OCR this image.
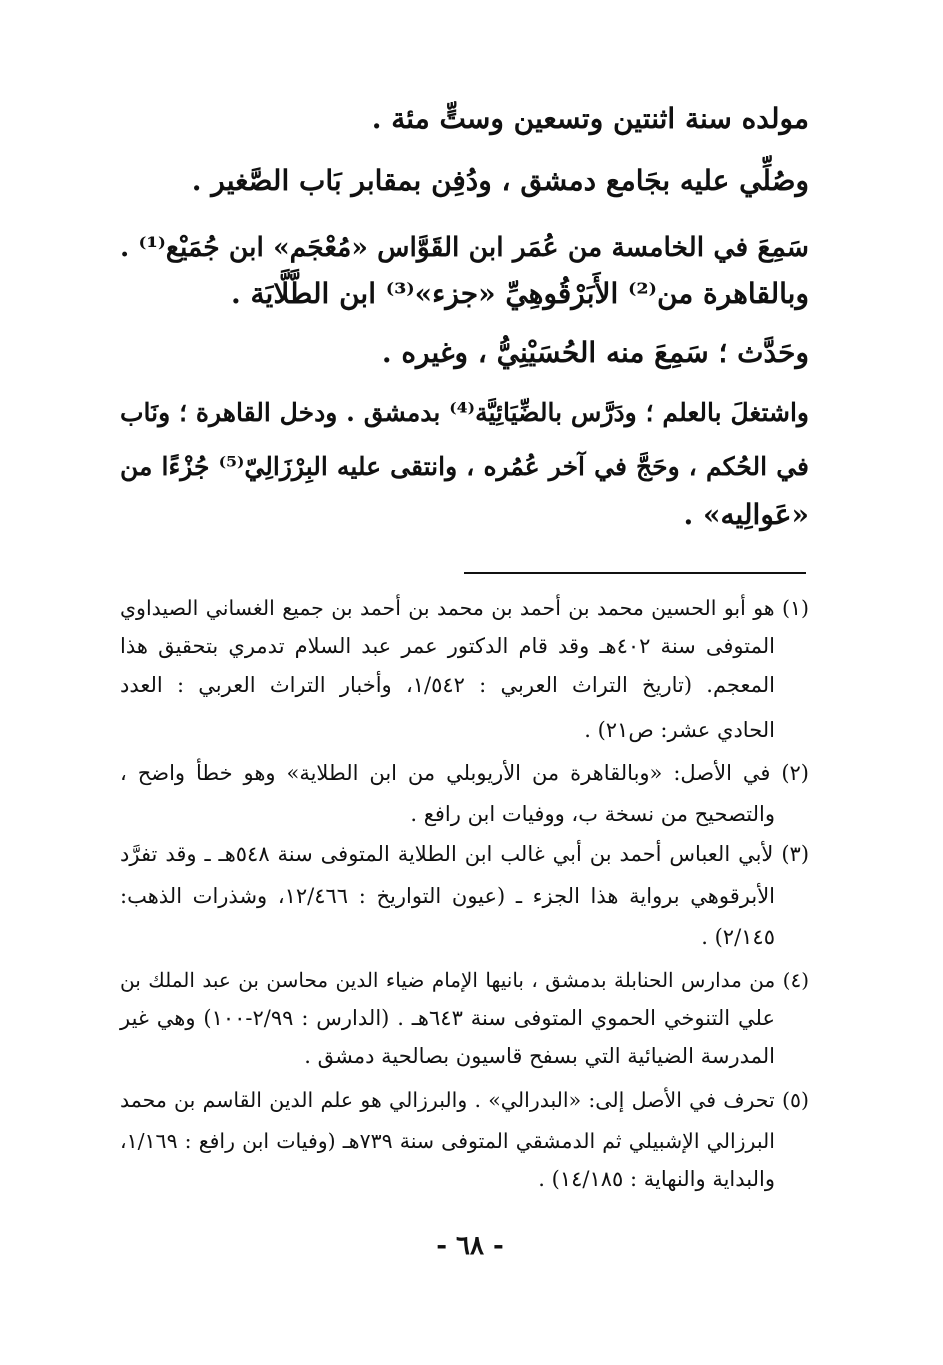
مولده سنة اثنتين وتسعين وستٍّ مئة .
وصُلِّي عليه بجَامع دمشق ، ودُفِن بمقابر بَاب الصَّغير .
سَمِعَ في الخامسة من عُمَر ابن القَوَّاس «مُعْجَم» ابن جُمَيْع⁽¹⁾ .
وبالقاهرة من⁽²⁾ الأَبَرْقُوهِيِّ «جزء»⁽³⁾ ابن الطَّلَّايَة .
وحَدَّث ؛ سَمِعَ منه الحُسَيْنِيُّ ، وغيره .
واشتغلَ بالعلم ؛ ودَرَّس بالضِّيَائِيَّة⁽⁴⁾ بدمشق . ودخل القاهرة ؛ ونَاب
في الحُكم ، وحَجَّ في آخر عُمُره ، وانتقى عليه البِرْزَالِيّ⁽⁵⁾ جُزْءًا من
«عَوالِيه» .
(١) هو أبو الحسين محمد بن أحمد بن محمد بن أحمد بن جميع الغساني الصيداوي
المتوفى سنة ٤٠٢هـ وقد قام الدكتور عمر عبد السلام تدمري بتحقيق هذا
المعجم. (تاريخ التراث العربي : ١/٥٤٢، وأخبار التراث العربي : العدد
الحادي عشر: ص٢١) .
(٢) في الأصل: «وبالقاهرة من الأريوبلي من ابن الطلاية» وهو خطأ واضح ،
والتصحيح من نسخة ب، ووفيات ابن رافع .
(٣) لأبي العباس أحمد بن أبي غالب ابن الطلاية المتوفى سنة ٥٤٨هـ ـ وقد تفرَّد
الأبرقوهي برواية هذا الجزء ـ (عيون التواريخ : ١٢/٤٦٦، وشذرات الذهب:
٢/١٤٥) .
(٤) من مدارس الحنابلة بدمشق ، بانيها الإمام ضياء الدين محاسن بن عبد الملك بن
علي التنوخي الحموي المتوفى سنة ٦٤٣هـ . (الدارس : ٢/٩٩-١٠٠) وهي غير
المدرسة الضيائية التي بسفح قاسيون بصالحية دمشق .
(٥) تحرف في الأصل إلى: «البدرالي» . والبرزالي هو علم الدين القاسم بن محمد
البرزالي الإشبيلي ثم الدمشقي المتوفى سنة ٧٣٩هـ (وفيات ابن رافع : ١/١٦٩،
والبداية والنهاية : ١٤/١٨٥) .
- ٦٨ -
